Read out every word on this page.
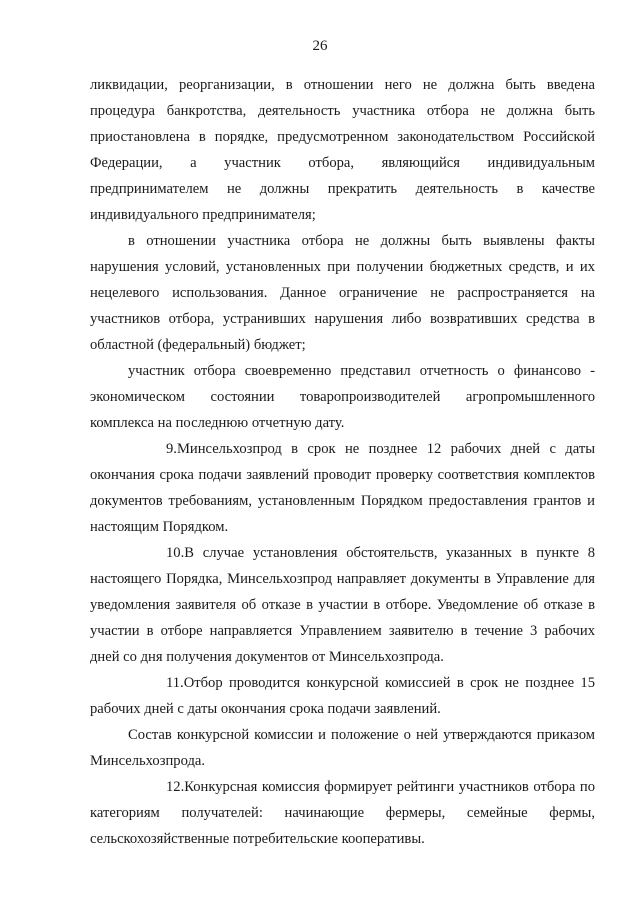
26

ликвидации, реорганизации, в отношении него не должна быть введена процедура банкротства, деятельность участника отбора не должна быть приостановлена в порядке, предусмотренном законодательством Российской Федерации, а участник отбора, являющийся индивидуальным предпринимателем не должны прекратить деятельность в качестве индивидуального предпринимателя;

в отношении участника отбора не должны быть выявлены факты нарушения условий, установленных при получении бюджетных средств, и их нецелевого использования. Данное ограничение не распространяется на участников отбора, устранивших нарушения либо возвративших средства в областной (федеральный) бюджет;

участник отбора своевременно представил отчетность о финансово - экономическом состоянии товаропроизводителей агропромышленного комплекса на последнюю отчетную дату.

9.Минсельхозпрод в срок не позднее 12 рабочих дней с даты окончания срока подачи заявлений проводит проверку соответствия комплектов документов требованиям, установленным Порядком предоставления грантов и настоящим Порядком.

10.В случае установления обстоятельств, указанных в пункте 8 настоящего Порядка, Минсельхозпрод направляет документы в Управление для уведомления заявителя об отказе в участии в отборе. Уведомление об отказе в участии в отборе направляется Управлением заявителю в течение 3 рабочих дней со дня получения документов от Минсельхозпрода.

11.Отбор проводится конкурсной комиссией в срок не позднее 15 рабочих дней с даты окончания срока подачи заявлений.

Состав конкурсной комиссии и положение о ней утверждаются приказом Минсельхозпрода.

12.Конкурсная комиссия формирует рейтинги участников отбора по категориям получателей: начинающие фермеры, семейные фермы, сельскохозяйственные потребительские кооперативы.
